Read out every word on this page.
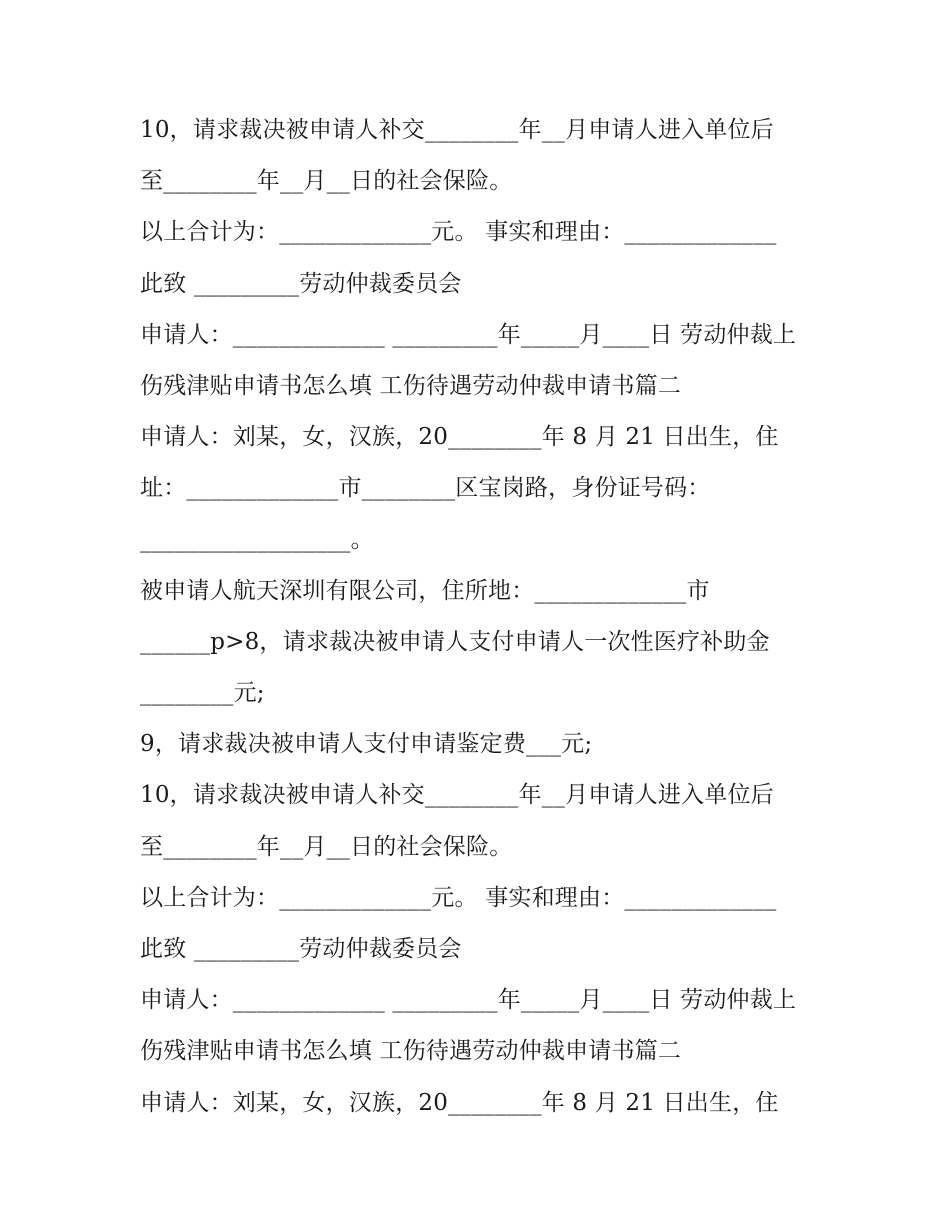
10，请求裁决被申请人补交________年__月申请人进入单位后
至________年__月__日的社会保险。
以上合计为：_____________元。 事实和理由：_____________
此致 _________劳动仲裁委员会
申请人：_____________ _________年_____月____日 劳动仲裁上
伤残津贴申请书怎么填 工伤待遇劳动仲裁申请书篇二
申请人：刘某，女，汉族，20________年 8 月 21 日出生，住
址：_____________市________区宝岗路，身份证号码：
__________________。
被申请人航天深圳有限公司，住所地：_____________市
______p>8，请求裁决被申请人支付申请人一次性医疗补助金
________元;
9，请求裁决被申请人支付申请鉴定费___元;
10，请求裁决被申请人补交________年__月申请人进入单位后
至________年__月__日的社会保险。
以上合计为：_____________元。 事实和理由：_____________
此致 _________劳动仲裁委员会
申请人：_____________ _________年_____月____日 劳动仲裁上
伤残津贴申请书怎么填 工伤待遇劳动仲裁申请书篇二
申请人：刘某，女，汉族，20________年 8 月 21 日出生，住
